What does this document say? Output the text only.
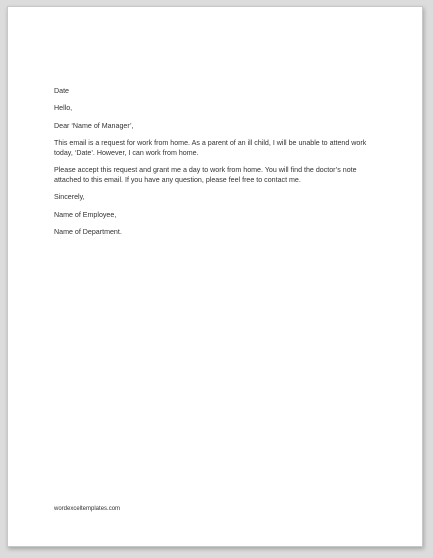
Date

Hello,

Dear ‘Name of Manager’,

This email is a request for work from home. As a parent of an ill child, I will be unable to attend work today, ‘Date’. However, I can work from home.

Please accept this request and grant me a day to work from home. You will find the doctor’s note attached to this email. If you have any question, please feel free to contact me.

Sincerely,

Name of Employee,

Name of Department.

wordexceltemplates.com
